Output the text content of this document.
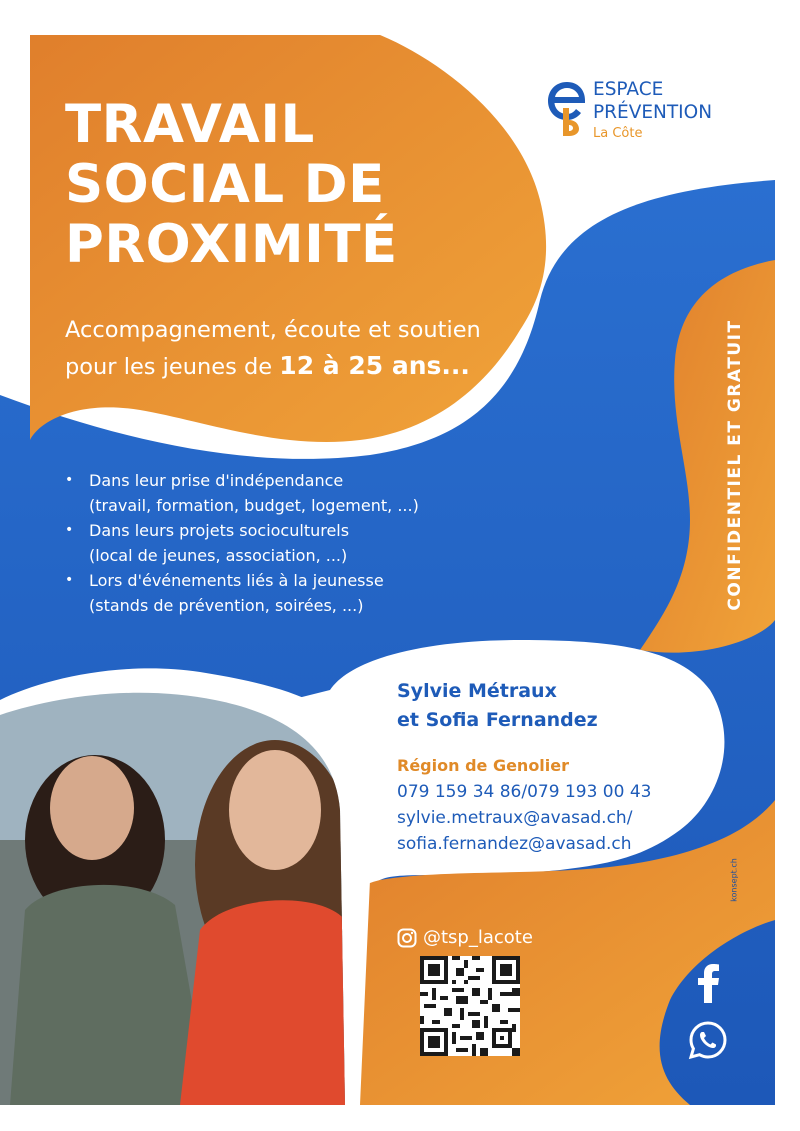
TRAVAIL
SOCIAL DE
PROXIMITÉ
Accompagnement, écoute et soutien
pour les jeunes de 12 à 25 ans...
ESPACE
PRÉVENTION
La Côte
CONFIDENTIEL ET GRATUIT
• Dans leur prise d'indépendance
(travail, formation, budget, logement, ...)
• Dans leurs projets socioculturels
(local de jeunes, association, ...)
• Lors d'événements liés à la jeunesse
(stands de prévention, soirées, ...)
Sylvie Métraux
et Sofia Fernandez
Région de Genolier
079 159 34 86/079 193 00 43
sylvie.metraux@avasad.ch/
sofia.fernandez@avasad.ch
konsept.ch
@tsp_lacote
